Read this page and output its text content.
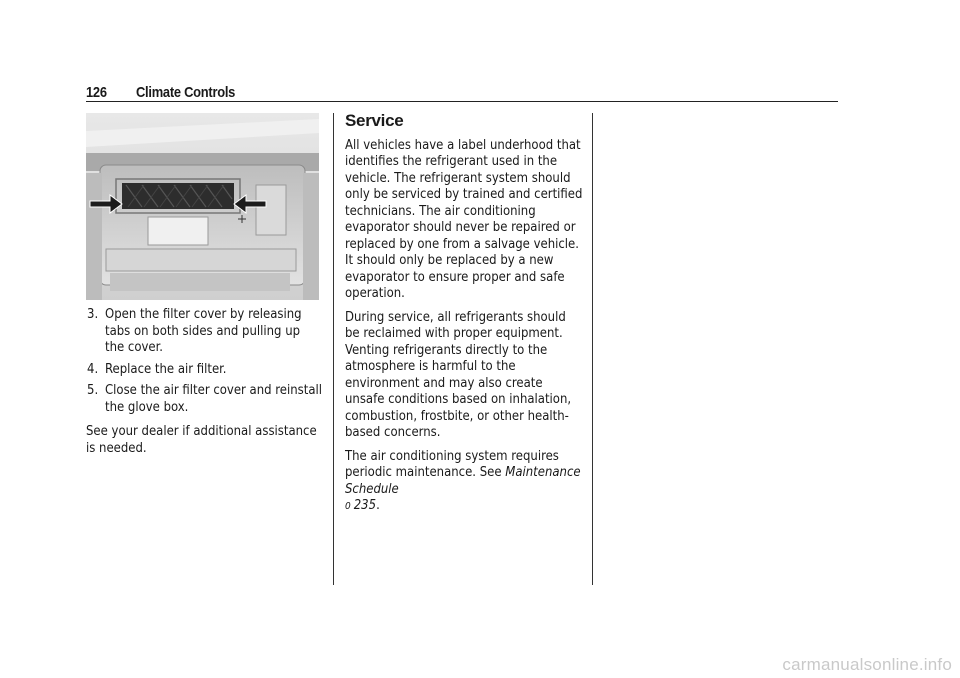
126 Climate Controls
3. Open the filter cover by releasing tabs on both sides and pulling up the cover.
4. Replace the air filter.
5. Close the air filter cover and reinstall the glove box.

See your dealer if additional assistance is needed.

Service

All vehicles have a label underhood that identifies the refrigerant used in the vehicle. The refrigerant system should only be serviced by trained and certified technicians. The air conditioning evaporator should never be repaired or replaced by one from a salvage vehicle. It should only be replaced by a new evaporator to ensure proper and safe operation.

During service, all refrigerants should be reclaimed with proper equipment. Venting refrigerants directly to the atmosphere is harmful to the environment and may also create unsafe conditions based on inhalation, combustion, frostbite, or other health-based concerns.

The air conditioning system requires periodic maintenance. See Maintenance Schedule
0 235.

carmanualsonline.info
